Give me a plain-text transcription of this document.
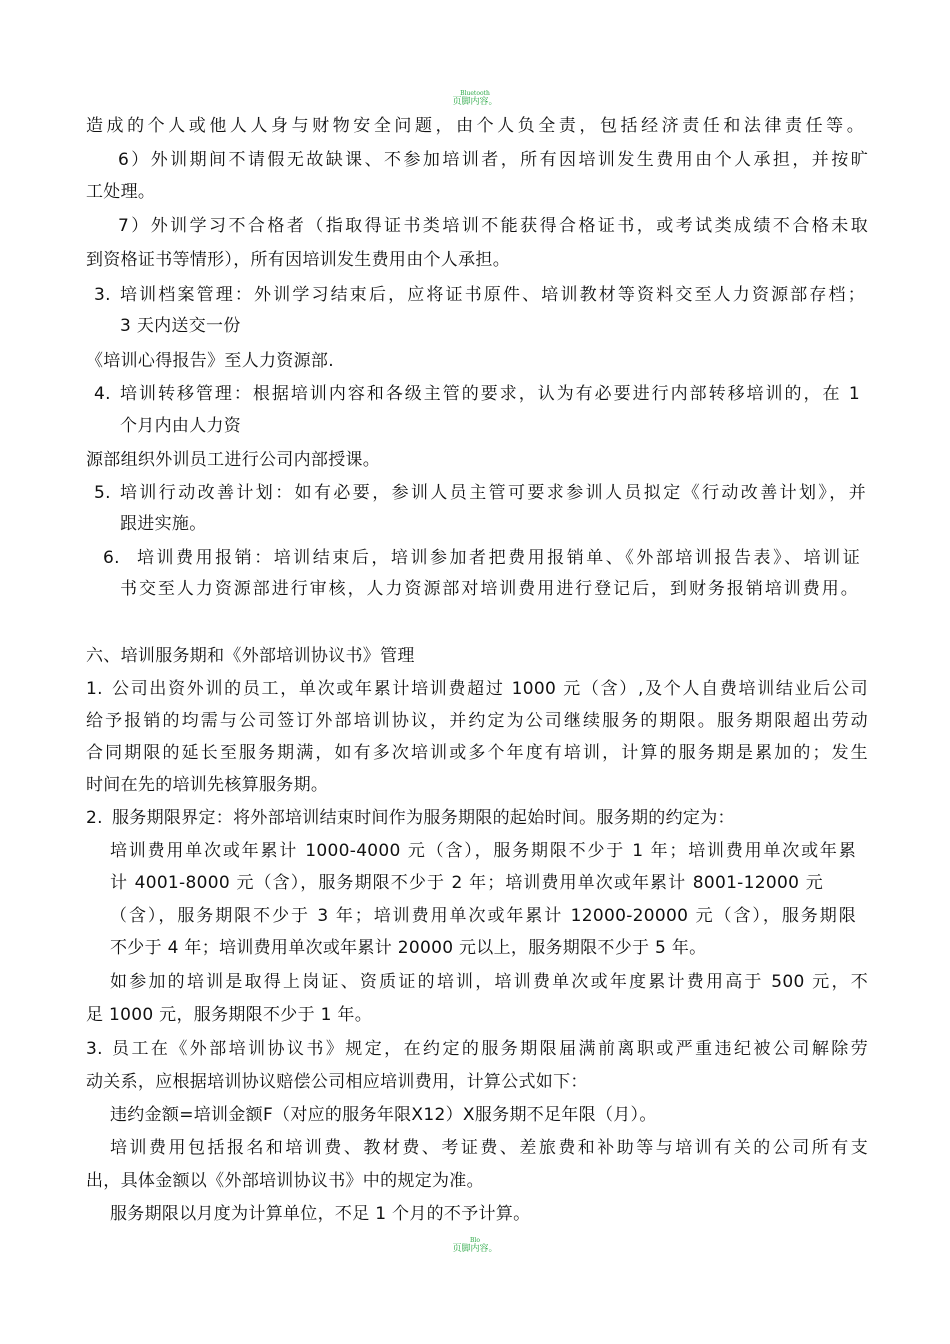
Bluetooth
页脚内容。
造成的个人或他人人身与财物安全问题，由个人负全责，包括经济责任和法律责任等。
6）外训期间不请假无故缺课、不参加培训者，所有因培训发生费用由个人承担，并按旷
工处理。
7）外训学习不合格者（指取得证书类培训不能获得合格证书，或考试类成绩不合格未取
到资格证书等情形），所有因培训发生费用由个人承担。
3. 培训档案管理：外训学习结束后，应将证书原件、培训教材等资料交至人力资源部存档；
3 天内送交一份
《培训心得报告》至人力资源部.
4. 培训转移管理：根据培训内容和各级主管的要求，认为有必要进行内部转移培训的，在 1
个月内由人力资
源部组织外训员工进行公司内部授课。
5. 培训行动改善计划：如有必要，参训人员主管可要求参训人员拟定《行动改善计划》，并
跟进实施。
6. 培训费用报销：培训结束后，培训参加者把费用报销单、《外部培训报告表》、培训证
书交至人力资源部进行审核，人力资源部对培训费用进行登记后，到财务报销培训费用。
六、培训服务期和《外部培训协议书》管理
1. 公司出资外训的员工，单次或年累计培训费超过 1000 元（含）,及个人自费培训结业后公司
给予报销的均需与公司签订外部培训协议，并约定为公司继续服务的期限。服务期限超出劳动
合同期限的延长至服务期满，如有多次培训或多个年度有培训，计算的服务期是累加的；发生
时间在先的培训先核算服务期。
2. 服务期限界定：将外部培训结束时间作为服务期限的起始时间。服务期的约定为：
培训费用单次或年累计 1000-4000 元（含），服务期限不少于 1 年；培训费用单次或年累
计 4001-8000 元（含），服务期限不少于 2 年；培训费用单次或年累计 8001-12000 元
（含），服务期限不少于 3 年；培训费用单次或年累计 12000-20000 元（含），服务期限
不少于 4 年；培训费用单次或年累计 20000 元以上，服务期限不少于 5 年。
如参加的培训是取得上岗证、资质证的培训，培训费单次或年度累计费用高于 500 元，不
足 1000 元，服务期限不少于 1 年。
3. 员工在《外部培训协议书》规定，在约定的服务期限届满前离职或严重违纪被公司解除劳
动关系，应根据培训协议赔偿公司相应培训费用，计算公式如下：
违约金额=培训金额F（对应的服务年限X12）X服务期不足年限（月）。
培训费用包括报名和培训费、教材费、考证费、差旅费和补助等与培训有关的公司所有支
出，具体金额以《外部培训协议书》中的规定为准。
服务期限以月度为计算单位，不足 1 个月的不予计算。
Blo
页脚内容。
